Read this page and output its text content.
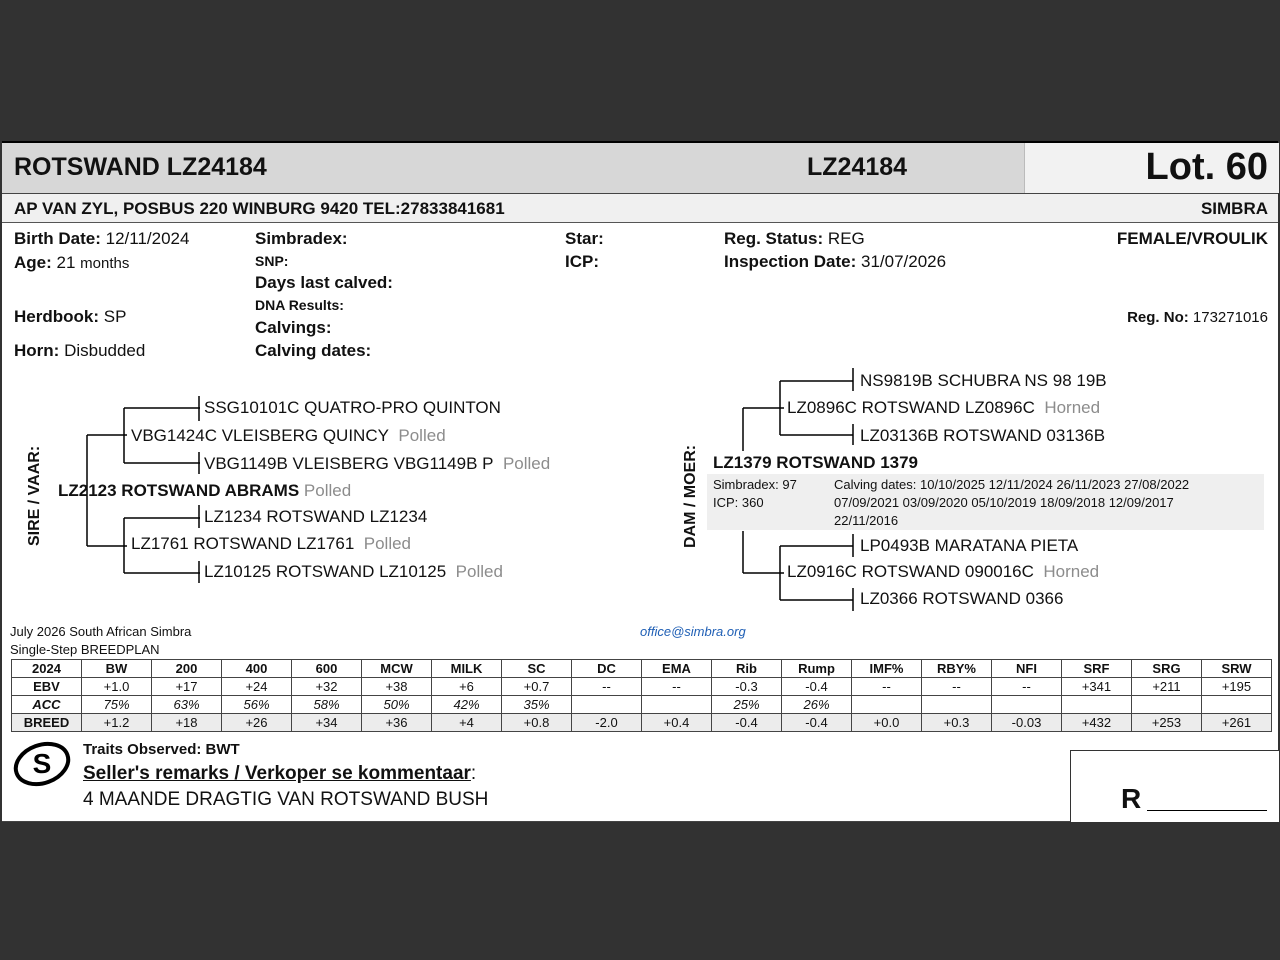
ROTSWAND LZ24184	LZ24184	Lot. 60
AP VAN ZYL, POSBUS 220 WINBURG 9420 TEL:27833841681	SIMBRA
Birth Date: 12/11/2024
Age: 21 months
Herdbook: SP
Horn: Disbudded
Simbradex:
SNP:
Days last calved:
DNA Results:
Calvings:
Calving dates:
Star:
ICP:
Reg. Status: REG
Inspection Date: 31/07/2026
FEMALE/VROULIK
Reg. No: 173271016
SIRE / VAAR:
SSG10101C QUATRO-PRO QUINTON
VBG1424C VLEISBERG QUINCY Polled
VBG1149B VLEISBERG VBG1149B P Polled
LZ2123 ROTSWAND ABRAMS Polled
LZ1234 ROTSWAND LZ1234
LZ1761 ROTSWAND LZ1761 Polled
LZ10125 ROTSWAND LZ10125 Polled
DAM / MOER:
NS9819B SCHUBRA NS 98 19B
LZ0896C ROTSWAND LZ0896C Horned
LZ03136B ROTSWAND 03136B
LZ1379 ROTSWAND 1379
Simbradex: 97
ICP: 360
Calving dates: 10/10/2025 12/11/2024 26/11/2023 27/08/2022
07/09/2021 03/09/2020 05/10/2019 18/09/2018 12/09/2017
22/11/2016
LP0493B MARATANA PIETA
LZ0916C ROTSWAND 090016C Horned
LZ0366 ROTSWAND 0366
July 2026 South African Simbra
Single-Step BREEDPLAN
office@simbra.org
2024	BW	200	400	600	MCW	MILK	SC	DC	EMA	Rib	Rump	IMF%	RBY%	NFI	SRF	SRG	SRW
EBV	+1.0	+17	+24	+32	+38	+6	+0.7	--	--	-0.3	-0.4	--	--	--	+341	+211	+195
ACC	75%	63%	56%	58%	50%	42%	35%			25%	26%						
BREED	+1.2	+18	+26	+34	+36	+4	+0.8	-2.0	+0.4	-0.4	-0.4	+0.0	+0.3	-0.03	+432	+253	+261
S Traits Observed: BWT
Seller's remarks / Verkoper se kommentaar:
4 MAANDE DRAGTIG VAN ROTSWAND BUSH	R
